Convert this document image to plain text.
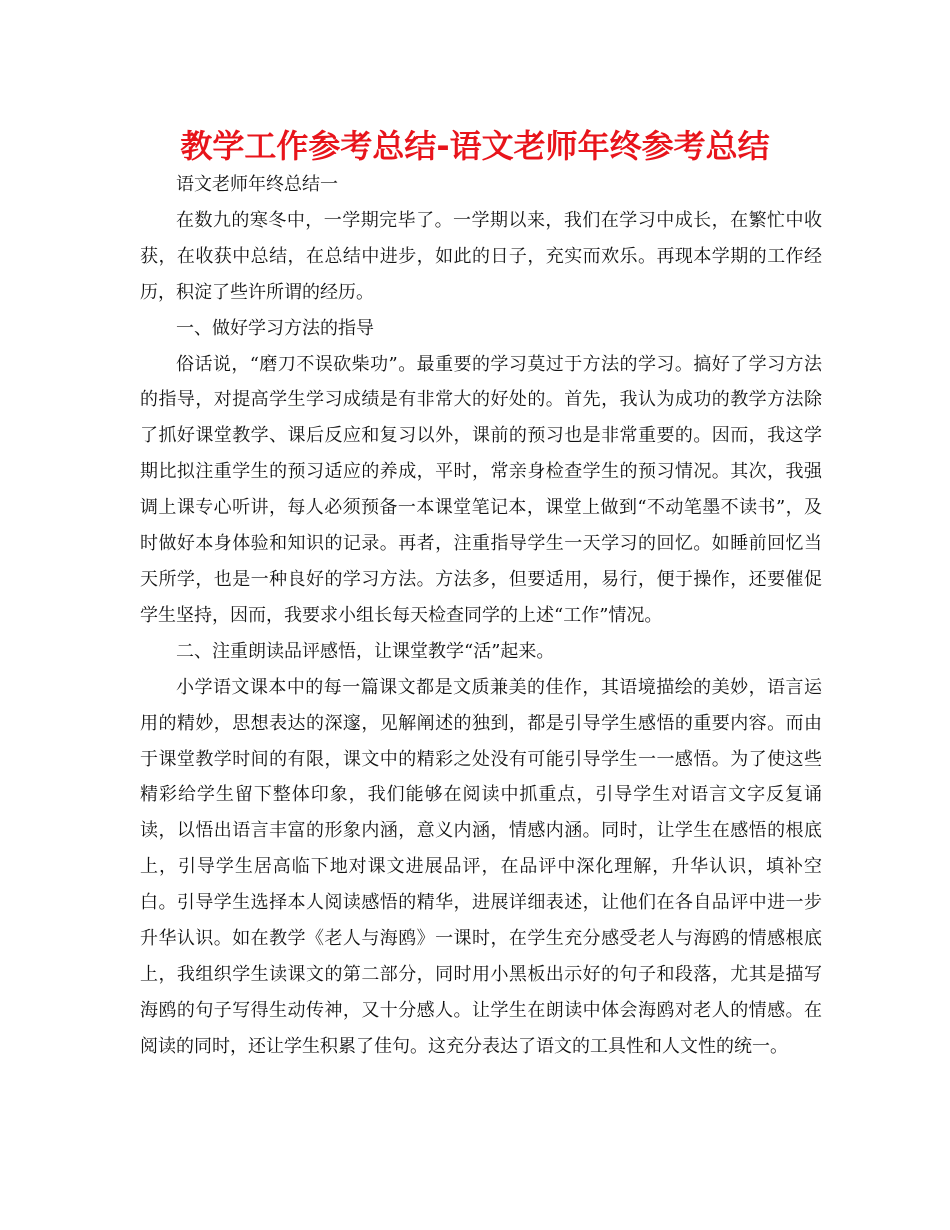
教学工作参考总结-语文老师年终参考总结

语文老师年终总结一

在数九的寒冬中，一学期完毕了。一学期以来，我们在学习中成长，在繁忙中收获，在收获中总结，在总结中进步，如此的日子，充实而欢乐。再现本学期的工作经历，积淀了些许所谓的经历。

一、做好学习方法的指导

俗话说，“磨刀不误砍柴功”。最重要的学习莫过于方法的学习。搞好了学习方法的指导，对提高学生学习成绩是有非常大的好处的。首先，我认为成功的教学方法除了抓好课堂教学、课后反应和复习以外，课前的预习也是非常重要的。因而，我这学期比拟注重学生的预习适应的养成，平时，常亲身检查学生的预习情况。其次，我强调上课专心听讲，每人必须预备一本课堂笔记本，课堂上做到“不动笔墨不读书”，及时做好本身体验和知识的记录。再者，注重指导学生一天学习的回忆。如睡前回忆当天所学，也是一种良好的学习方法。方法多，但要适用，易行，便于操作，还要催促学生坚持，因而，我要求小组长每天检查同学的上述“工作”情况。

二、注重朗读品评感悟，让课堂教学“活”起来。

小学语文课本中的每一篇课文都是文质兼美的佳作，其语境描绘的美妙，语言运用的精妙，思想表达的深邃，见解阐述的独到，都是引导学生感悟的重要内容。而由于课堂教学时间的有限，课文中的精彩之处没有可能引导学生一一感悟。为了使这些精彩给学生留下整体印象，我们能够在阅读中抓重点，引导学生对语言文字反复诵读，以悟出语言丰富的形象内涵，意义内涵，情感内涵。同时，让学生在感悟的根底上，引导学生居高临下地对课文进展品评，在品评中深化理解，升华认识，填补空白。引导学生选择本人阅读感悟的精华，进展详细表述，让他们在各自品评中进一步升华认识。如在教学《老人与海鸥》一课时，在学生充分感受老人与海鸥的情感根底上，我组织学生读课文的第二部分，同时用小黑板出示好的句子和段落，尤其是描写海鸥的句子写得生动传神，又十分感人。让学生在朗读中体会海鸥对老人的情感。在阅读的同时，还让学生积累了佳句。这充分表达了语文的工具性和人文性的统一。
